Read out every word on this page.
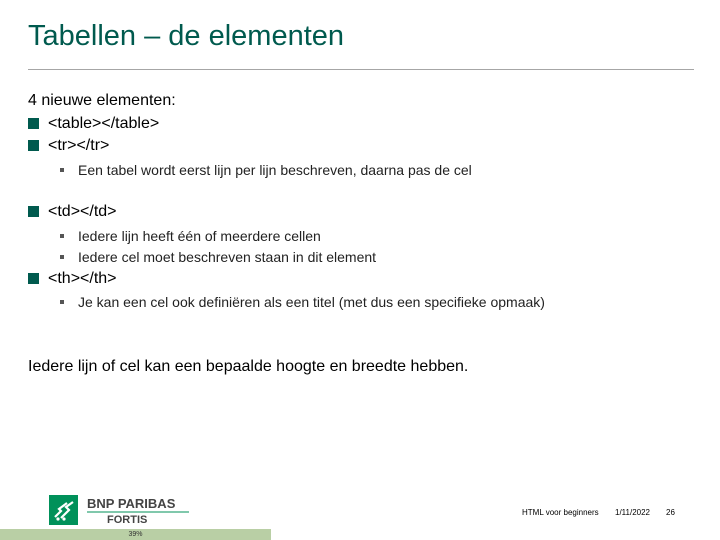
Tabellen – de elementen
4 nieuwe elementen:
<table></table>
<tr></tr>
Een tabel wordt eerst lijn per lijn beschreven, daarna pas de cel
<td></td>
Iedere lijn heeft één of meerdere cellen
Iedere cel moet beschreven staan in dit element
<th></th>
Je kan een cel ook definiëren als een titel (met dus een specifieke opmaak)
Iedere lijn of cel kan een bepaalde hoogte en breedte hebben.
BNP PARIBAS
FORTIS
HTML voor beginners 1/11/2022 26
39%
